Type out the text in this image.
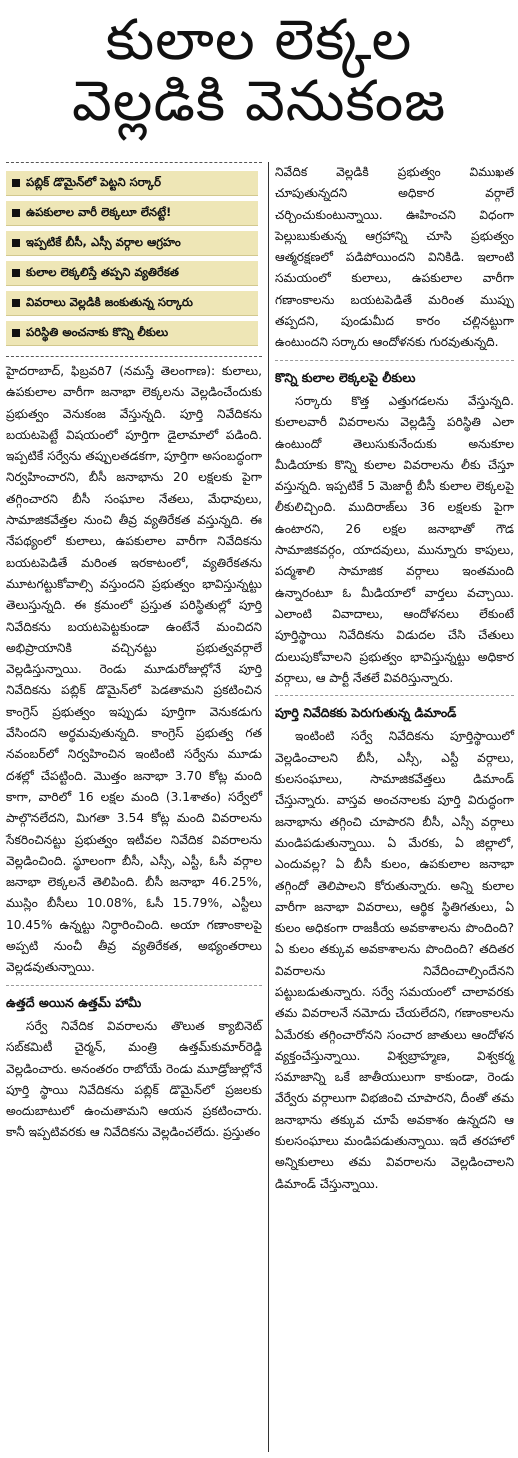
కులాల లెక్కల
వెల్లడికి వెనుకంజ
పబ్లిక్‌ డొమైన్‌లో పెట్టని సర్కార్‌
ఉపకులాల వారీ లెక్కలూ లేనట్టే!
ఇప్పటికే బీసీ, ఎస్సీ వర్గాల ఆగ్రహం
కులాల లెక్కలిస్తే తప్పని వ్యతిరేకత
వివరాలు వెల్లడికి జంకుతున్న సర్కారు
పరిస్థితి అంచనాకు కొన్ని లీకులు

హైదరాబాద్‌, ఫిబ్రవరి7 (నమస్తే తెలంగాణ): కులాలు, ఉపకులాల వారీగా జనాభా లెక్కలను వెల్లడించేందుకు ప్రభుత్వం వెనుకంజ వేస్తున్నది. పూర్తి నివేదికను బయటపెట్టే విషయంలో పూర్తిగా డైలామాలో పడింది. ఇప్పటికే సర్వేను తప్పులతడకగా, పూర్తిగా అసంబద్ధంగా నిర్వహించారని, బీసీ జనాభాను 20 లక్షలకు పైగా తగ్గించారని బీసీ సంఘాల నేతలు, మేధావులు, సామాజికవేత్తల నుంచి తీవ్ర వ్యతిరేకత వస్తున్నది. ఈ నేపథ్యంలో కులాలు, ఉపకులాల వారీగా నివేదికను బయటపెడితే మరింత ఇరకాటంలో, వ్యతిరేకతను మూటగట్టుకోవాల్సి వస్తుందని ప్రభుత్వం భావిస్తున్నట్టు తెలుస్తున్నది. ఈ క్రమంలో ప్రస్తుత పరిస్థితుల్లో పూర్తి నివేదికను బయటపెట్టకుండా ఉంటేనే మంచిదని అభిప్రాయానికి వచ్చినట్టు ప్రభుత్వవర్గాలే వెల్లడిస్తున్నాయి. రెండు మూడురోజుల్లోనే పూర్తి నివేదికను పబ్లిక్‌ డొమైన్‌లో పెడతామని ప్రకటించిన కాంగ్రెస్‌ ప్రభుత్వం ఇప్పుడు పూర్తిగా వెనుకడుగు వేసిందని అర్థమవుతున్నది. కాంగ్రెస్‌ ప్రభుత్వ గత నవంబర్‌లో నిర్వహించిన ఇంటింటి సర్వేను మూడు దశల్లో చేపట్టింది. మొత్తం జనాభా 3.70 కోట్ల మంది కాగా, వారిలో 16 లక్షల మంది (3.1శాతం) సర్వేలో పాల్గొనలేదని, మిగతా 3.54 కోట్ల మంది వివరాలను సేకరించినట్టు ప్రభుత్వం ఇటీవల నివేదిక వివరాలను వెల్లడించింది. స్థూలంగా బీసీ, ఎస్సీ, ఎస్టీ, ఓసీ వర్గాల జనాభా లెక్కలనే తెలిపింది. బీసీ జనాభా 46.25%, ముస్లిం బీసీలు 10.08%, ఓసీ 15.79%, ఎస్టీలు 10.45% ఉన్నట్టు నిర్ధారించింది. అయా గణాంకాలపై అప్పటి నుంచీ తీవ్ర వ్యతిరేకత, అభ్యంతరాలు వెల్లడవుతున్నాయి.

ఉత్తదే అయిన ఉత్తమ్‌ హామీ

సర్వే నివేదిక వివరాలను తొలుత క్యాబినెట్‌ సబ్‌కమిటీ చైర్మన్‌, మంత్రి ఉత్తమ్‌కుమార్‌రెడ్డి వెల్లడించారు. అనంతరం రాబోయే రెండు మూడ్రోజుల్లోనే పూర్తి స్థాయి నివేదికను పబ్లిక్‌ డొమైన్‌లో ప్రజలకు అందుబాటులో ఉంచుతామని ఆయన ప్రకటించారు. కానీ ఇప్పటివరకు ఆ నివేదికను వెల్లడించలేదు. ప్రస్తుతం

నివేదిక వెల్లడికి ప్రభుత్వం విముఖత చూపుతున్నదని అధికార వర్గాలే చర్చించుకుంటున్నాయి. ఊహించని విధంగా పెల్లుబుకుతున్న ఆగ్రహాన్ని చూసి ప్రభుత్వం ఆత్మరక్షణలో పడిపోయిందని వినికిడి. ఇలాంటి సమయంలో కులాలు, ఉపకులాల వారీగా గణాంకాలను బయటపెడితే మరింత ముప్పు తప్పదని, పుండుమీద కారం చల్లినట్టుగా ఉంటుందని సర్కారు ఆందోళనకు గురవుతున్నది.

కొన్ని కులాల లెక్కలపై లీకులు

సర్కారు కొత్త ఎత్తుగడలను వేస్తున్నది. కులాలవారీ వివరాలను వెల్లడిస్తే పరిస్థితి ఎలా ఉంటుందో తెలుసుకునేందుకు అనుకూల మీడియాకు కొన్ని కులాల వివరాలను లీకు చేస్తూ వస్తున్నది. ఇప్పటికే 5 మెజార్టీ బీసీ కులాల లెక్కలపై లీకులిచ్చింది. ముదిరాజ్‌లు 36 లక్షలకు పైగా ఉంటారని, 26 లక్షల జనాభాతో గౌడ సామాజికవర్గం, యాదవులు, మున్నూరు కాపులు, పద్మశాలి సామాజిక వర్గాలు ఇంతమంది ఉన్నారంటూ ఓ మీడియాలో వార్తలు వచ్చాయి. ఎలాంటి వివాదాలు, ఆందోళనలు లేకుంటే పూర్తిస్థాయి నివేదికను విడుదల చేసి చేతులు దులుపుకోవాలని ప్రభుత్వం భావిస్తున్నట్టు అధికార వర్గాలు, ఆ పార్టీ నేతలే వివరిస్తున్నారు.

పూర్తి నివేదికకు పెరుగుతున్న డిమాండ్‌

ఇంటింటి సర్వే నివేదికను పూర్తిస్థాయిలో వెల్లడించాలని బీసీ, ఎస్సీ, ఎస్టీ వర్గాలు, కులసంఘాలు, సామాజికవేత్తలు డిమాండ్‌ చేస్తున్నారు. వాస్తవ అంచనాలకు పూర్తి విరుద్ధంగా జనాభాను తగ్గించి చూపారని బీసీ, ఎస్సీ వర్గాలు మండిపడుతున్నాయి. ఏ మేరకు, ఏ జిల్లాలో, ఎందువల్ల? ఏ బీసీ కులం, ఉపకులాల జనాభా తగ్గిందో తెలిపాలని కోరుతున్నారు. అన్ని కులాల వారీగా జనాభా వివరాలు, ఆర్థిక స్థితిగతులు, ఏ కులం అధికంగా రాజకీయ అవకాశాలను పొందింది? ఏ కులం తక్కువ అవకాశాలను పొందింది? తదితర వివరాలను నివేదించాల్సిందేనని పట్టుబడుతున్నారు. సర్వే సమయంలో చాలావరకు తమ వివరాలనే నమోదు చేయలేదని, గణాంకాలను ఏమేరకు తగ్గించారోనని సంచార జాతులు ఆందోళన వ్యక్తంచేస్తున్నాయి. విశ్వబ్రాహ్మణ, విశ్వకర్మ సమాజాన్ని ఒకే జాతీయులుగా కాకుండా, రెండు వేర్వేరు వర్గాలుగా విభజించి చూపారని, దీంతో తమ జనాభాను తక్కువ చూపే అవకాశం ఉన్నదని ఆ కులసంఘాలు మండిపడుతున్నాయి. ఇదే తరహాలో అన్నికులాలు తమ వివరాలను వెల్లడించాలని డిమాండ్‌ చేస్తున్నాయి.
